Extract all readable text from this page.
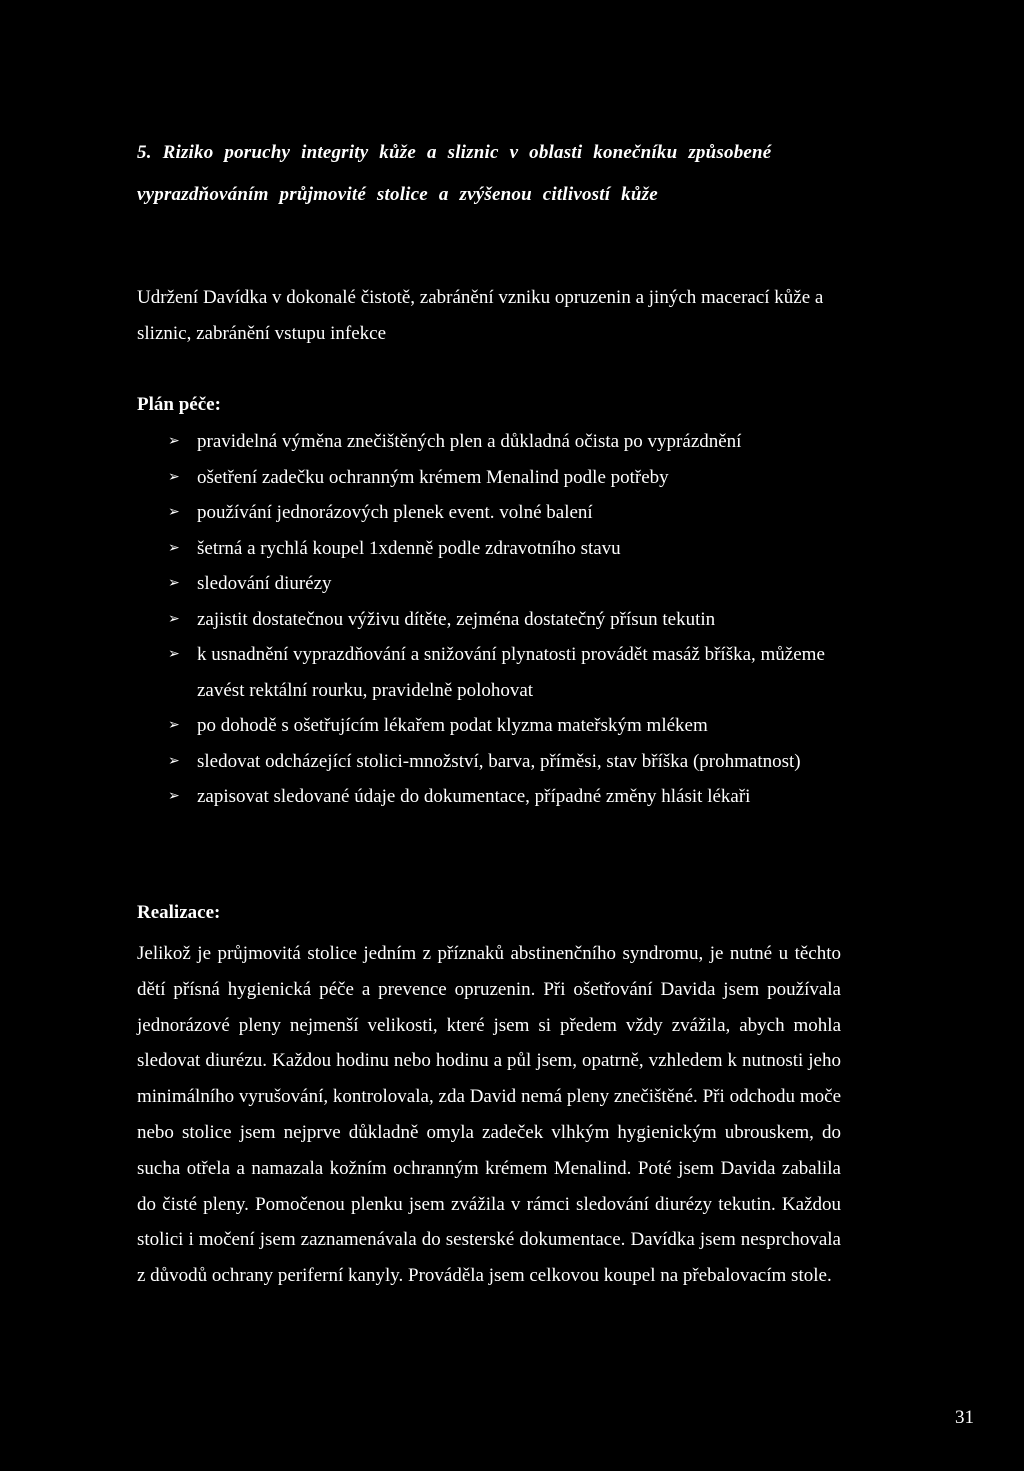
5. Riziko poruchy integrity kůže a sliznic v oblasti konečníku způsobené vyprazdňováním průjmovité stolice a zvýšenou citlivostí kůže
Udržení Davídka v dokonalé čistotě, zabránění vzniku opruzenin a jiných macerací kůže a sliznic, zabránění vstupu infekce
Plán péče:
➢ pravidelná výměna znečištěných plen a důkladná očista po vyprázdnění
➢ ošetření zadečku ochranným krémem Menalind podle potřeby
➢ používání jednorázových plenek event. volné balení
➢ šetrná a rychlá koupel 1xdenně podle zdravotního stavu
➢ sledování diurézy
➢ zajistit dostatečnou výživu dítěte, zejména dostatečný přísun tekutin
➢ k usnadnění vyprazdňování a snižování plynatosti provádět masáž bříška, můžeme zavést rektální rourku, pravidelně polohovat
➢ po dohodě s ošetřujícím lékařem podat klyzma mateřským mlékem
➢ sledovat odcházející stolici-množství, barva, příměsi, stav bříška (prohmatnost)
➢ zapisovat sledované údaje do dokumentace, případné změny hlásit lékaři
Realizace:

Jelikož je průjmovitá stolice jedním z příznaků abstinenčního syndromu, je nutné u těchto dětí přísná hygienická péče a prevence opruzenin. Při ošetřování Davida jsem používala jednorázové pleny nejmenší velikosti, které jsem si předem vždy zvážila, abych mohla sledovat diurézu. Každou hodinu nebo hodinu a půl jsem, opatrně, vzhledem k nutnosti jeho minimálního vyrušování, kontrolovala, zda David nemá pleny znečištěné. Při odchodu moče nebo stolice jsem nejprve důkladně omyla zadeček vlhkým hygienickým ubrouskem, do sucha otřela a namazala kožním ochranným krémem Menalind. Poté jsem Davida zabalila do čisté pleny. Pomočenou plenku jsem zvážila v rámci sledování diurézy tekutin. Každou stolici i močení jsem zaznamenávala do sesterské dokumentace. Davídka jsem nesprchovala z důvodů ochrany periferní kanyly. Prováděla jsem celkovou koupel na přebalovacím stole.

31
